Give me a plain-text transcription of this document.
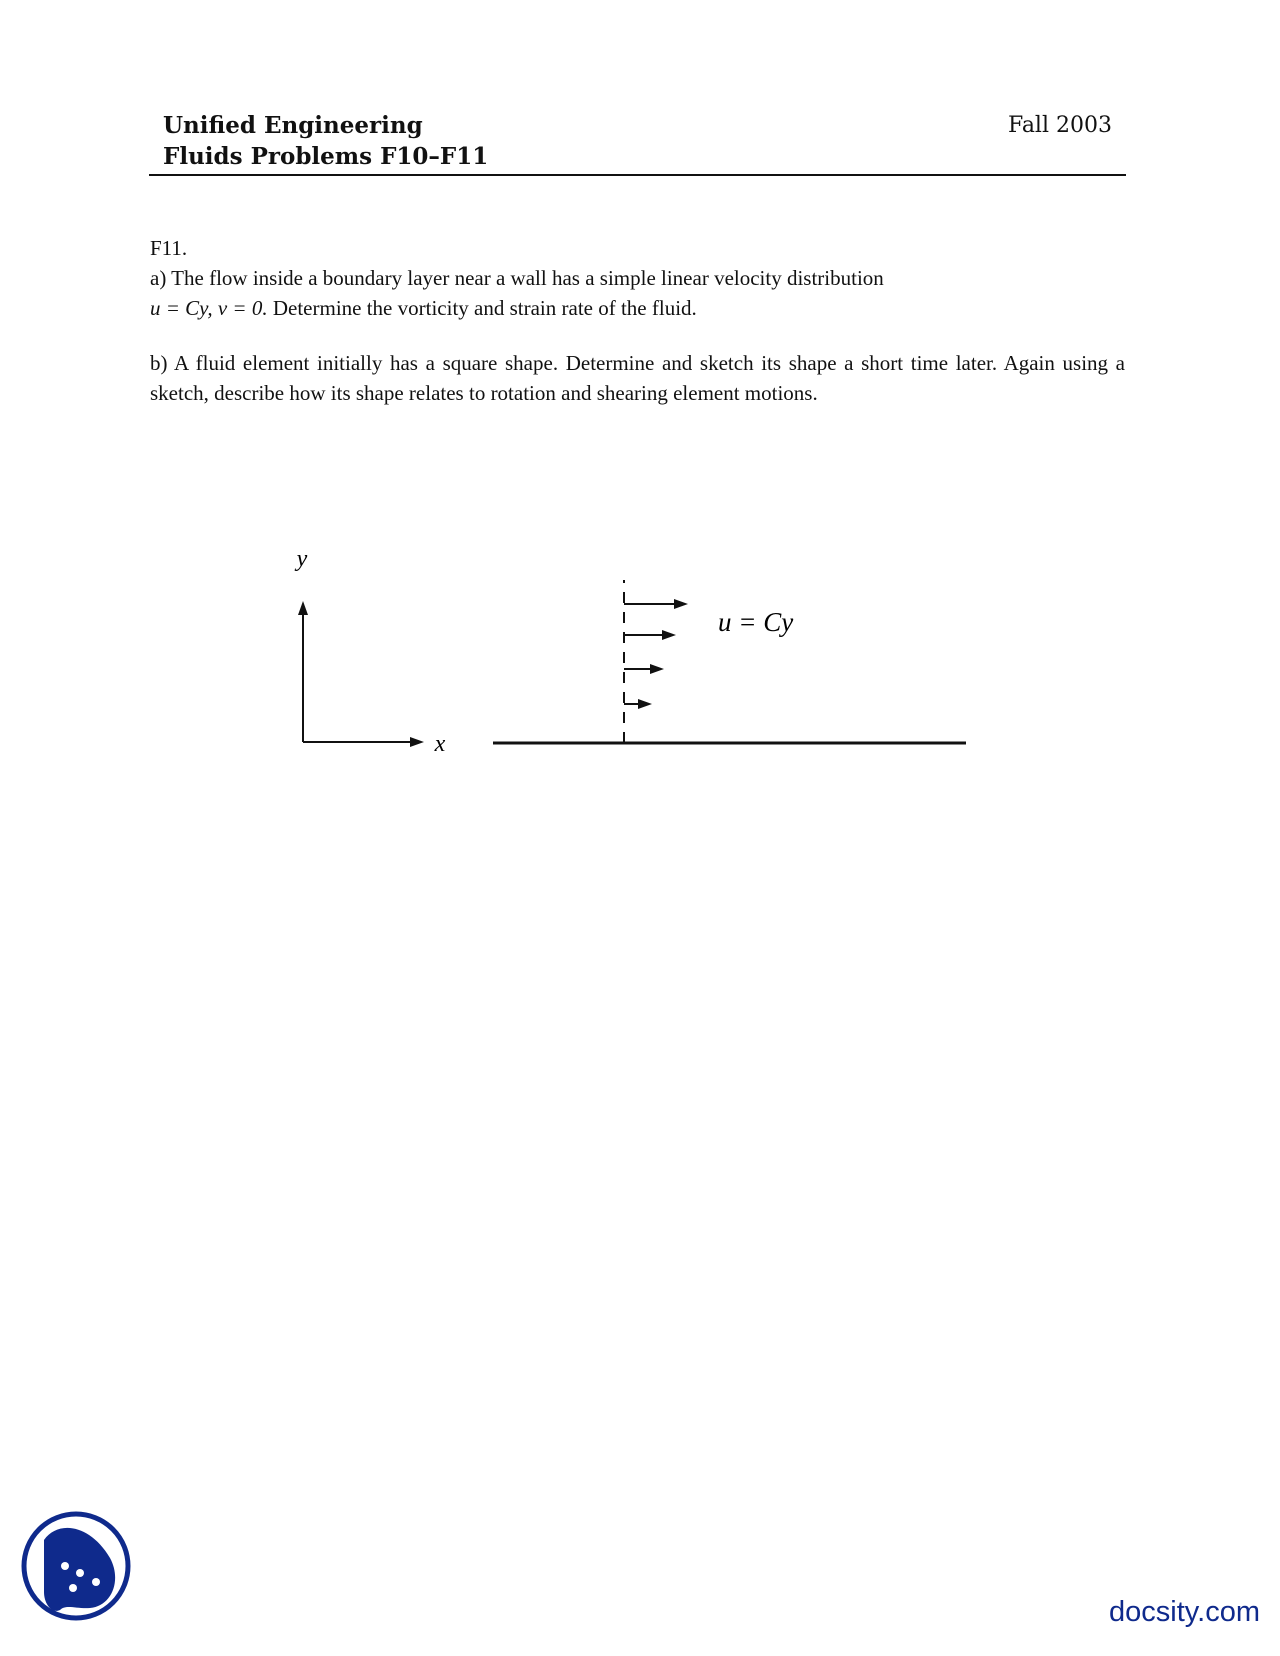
Unified Engineering
Fluids Problems F10–F11
Fall 2003

F11.

a) The flow inside a boundary layer near a wall has a simple linear velocity distribution
u = Cy, v = 0. Determine the vorticity and strain rate of the fluid.

b) A fluid element initially has a square shape. Determine and sketch its shape a short time later. Again using a sketch, describe how its shape relates to rotation and shearing element motions.

y
x
u = Cy
docsity.com
